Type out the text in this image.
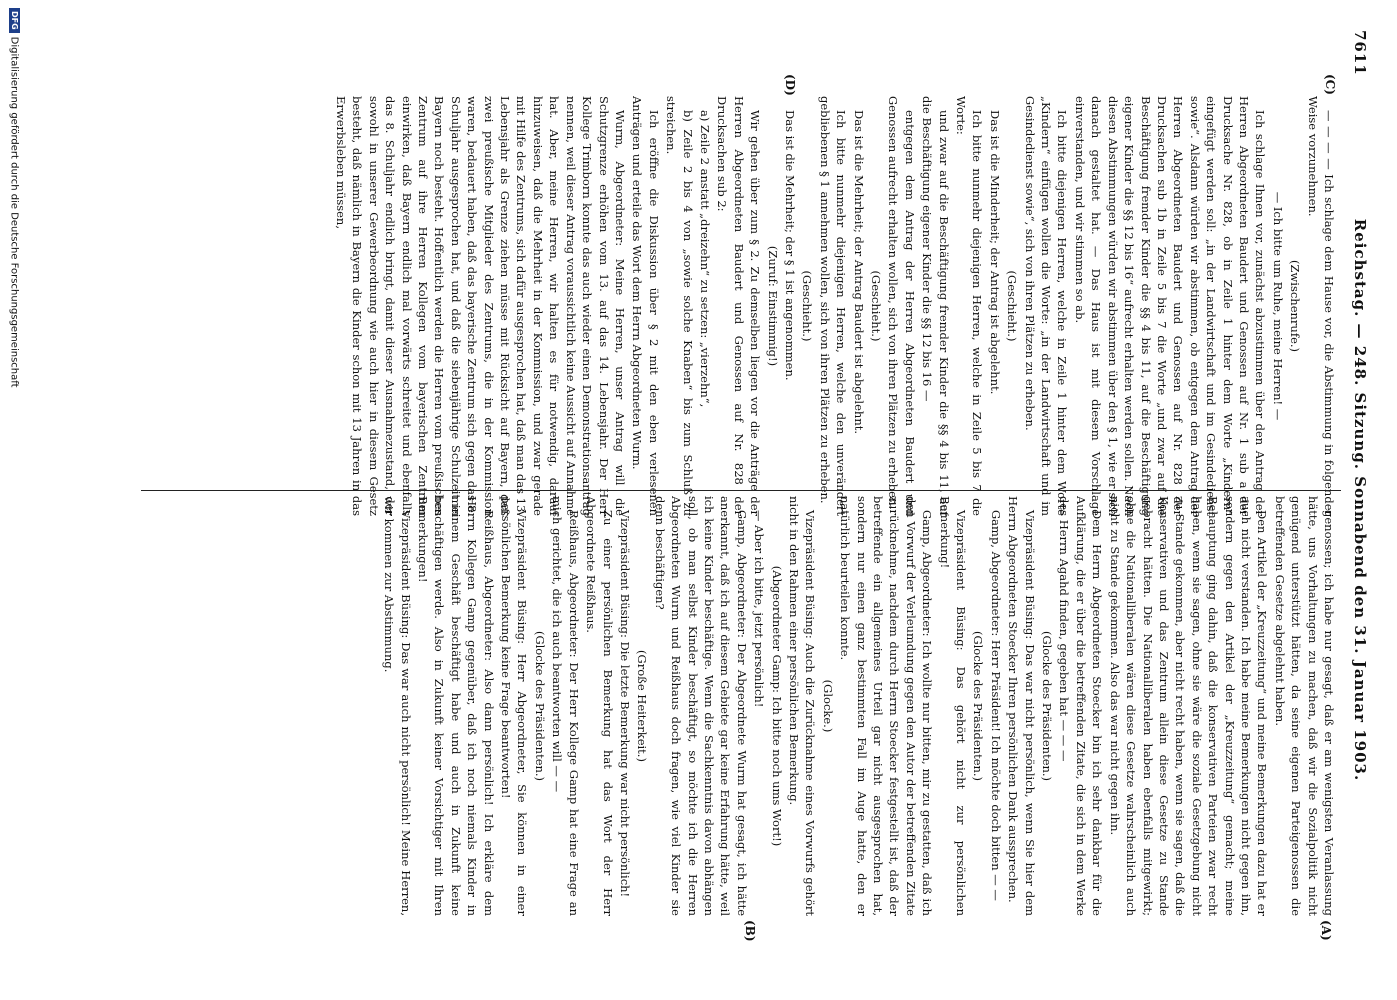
7611
Reichstag. — 248. Sitzung. Sonnabend den 31. Januar 1903.
(C)
(A)
(B)
(D)

— — — — Ich schlage dem Hause vor, die Abstimmung in folgender Weise vorzunehmen.

(Zwischenrufe.)

— Ich bitte um Ruhe, meine Herren! —

Ich schlage Ihnen vor, zunächst abzustimmen über den Antrag der Herren Abgeordneten Baudert und Genossen auf Nr. 1 sub a der Drucksache Nr. 828, ob in Zeile 1 hinter dem Worte „Kindern“ eingefügt werden soll: „in der Landwirtschaft und im Gesindedienst sowie“. Alsdann würden wir abstimmen, ob entgegen dem Antrag der Herren Abgeordneten Baudert und Genossen auf Nr. 828 der Drucksachen sub 1b in Zeile 5 bis 7 die Worte „und zwar auf die Beschäftigung fremder Kinder die §§ 4 bis 11, auf die Beschäftigung eigener Kinder die §§ 12 bis 16“ aufrecht erhalten werden sollen. Nach diesen Abstimmungen würden wir abstimmen über den § 1, wie er sich danach gestaltet hat. — Das Haus ist mit diesem Vorschlage einverstanden, und wir stimmen so ab.

Ich bitte diejenigen Herren, welche in Zeile 1 hinter dem Worte „Kindern“ einfügen wollen die Worte: „in der Landwirtschaft und im Gesindedienst sowie“, sich von ihren Plätzen zu erheben.

(Geschieht.)

Das ist die Minderheit; der Antrag ist abgelehnt.

Ich bitte nunmehr diejenigen Herren, welche in Zeile 5 bis 7 die Worte:

und zwar auf die Beschäftigung fremder Kinder die §§ 4 bis 11, auf die Beschäftigung eigener Kinder die §§ 12 bis 16 —

entgegen dem Antrag der Herren Abgeordneten Baudert und Genossen aufrecht erhalten wollen, sich von ihren Plätzen zu erheben.

(Geschieht.)

Das ist die Mehrheit; der Antrag Baudert ist abgelehnt.

Ich bitte nunmehr diejenigen Herren, welche den unverändert gebliebenen § 1 annehmen wollen, sich von ihren Plätzen zu erheben.

(Geschieht.)

Das ist die Mehrheit; der § 1 ist angenommen.

(Zuruf: Einstimmig!)

Wir gehen über zum § 2. Zu demselben liegen vor die Anträge der Herren Abgeordneten Baudert und Genossen auf Nr. 828 der Drucksachen sub 2:

a) Zeile 2 anstatt „dreizehn“ zu setzen: „vierzehn“,

b) Zeile 2 bis 4 von „sowie solche Knaben“ bis zum Schluß zu streichen.

Ich eröffne die Diskussion über § 2 mit den eben verlesenen Anträgen und erteile das Wort dem Herrn Abgeordneten Wurm.

Wurm, Abgeordneter: Meine Herren, unser Antrag will die Schutzgrenze erhöhen vom 13. auf das 14. Lebensjahr. Der Herr Kollege Trimborn konnte das auch wieder einen Demonstrationsantrag nennen, weil dieser Antrag voraussichtlich keine Aussicht auf Annahme hat. Aber, meine Herren, wir halten es für notwendig, darauf hinzuweisen, daß die Mehrheit in der Kommission, und zwar gerade mit Hilfe des Zentrums, sich dafür ausgesprochen hat, daß man das 13. Lebensjahr als Grenze ziehen müsse mit Rücksicht auf Bayern, daß zwei preußische Mitglieder des Zentrums, die in der Kommission waren, bedauert haben, daß das bayerische Zentrum sich gegen das 8. Schuljahr ausgesprochen hat, und daß die siebenjährige Schulzeit in Bayern noch besteht. Hoffentlich werden die Herren vom preußischen Zentrum auf ihre Herren Kollegen vom bayerischen Zentrum einwirken, daß Bayern endlich mal vorwärts schreitet und ebenfalls das 8. Schuljahr endlich bringt, damit dieser Ausnahmezustand, der sowohl in unserer Gewerbeordnung wie auch hier in diesem Gesetz besteht, daß nämlich in Bayern die Kinder schon mit 13 Jahren in das Erwerbsleben müssen,

genossen; ich habe nur gesagt, daß er am wenigsten Veranlassung hätte, uns Vorhaltungen zu machen, daß wir die Sozialpolitik nicht genügend unterstützt hätten, da seine eigenen Parteigenossen die betreffenden Gesetze abgelehnt haben.

Den Artikel der „Kreuzzeitung“ und meine Bemerkungen dazu hat er auch nicht verstanden. Ich habe meine Bemerkungen nicht gegen ihn, sondern gegen den Artikel der „Kreuzzeitung“ gemacht; meine Behauptung ging dahin, daß die konservativen Parteien zwar recht haben, wenn sie sagen, ohne sie wäre die soziale Gesetzgebung nicht zu Stande gekommen, aber nicht recht haben, wenn sie sagen, daß die Konservativen und das Zentrum allein diese Gesetze zu Stande gebracht hätten. Die Nationalliberalen haben ebenfalls mitgewirkt; ohne die Nationalliberalen wären diese Gesetze wahrscheinlich auch nicht zu Stande gekommen. Also das war nicht gegen ihn.

Dem Herrn Abgeordneten Stoecker bin ich sehr dankbar für die Aufklärung, die er über die betreffenden Zitate, die sich in dem Werke des Herrn Agahd finden, gegeben hat — — —

(Glocke des Präsidenten.)

Vizepräsident Büsing: Das war nicht persönlich, wenn Sie hier dem Herrn Abgeordneten Stoecker Ihren persönlichen Dank aussprechen.

Gamp, Abgeordneter: Herr Präsident! Ich möchte doch bitten — —

(Glocke des Präsidenten.)

Vizepräsident Büsing: Das gehört nicht zur persönlichen Bemerkung!

Gamp, Abgeordneter: Ich wollte nur bitten, mir zu gestatten, daß ich den Vorwurf der Verleumdung gegen den Autor der betreffenden Zitate zurücknehme, nachdem durch Herrn Stoecker festgestellt ist, daß der betreffende ein allgemeines Urteil gar nicht ausgesprochen hat, sondern nur einen ganz bestimmten Fall im Auge hatte, den er natürlich beurteilen konnte.

(Glocke.)

Vizepräsident Büsing: Auch die Zurücknahme eines Vorwurfs gehört nicht in den Rahmen einer persönlichen Bemerkung.

(Abgeordneter Gamp: Ich bitte noch ums Wort!)

— Aber ich bitte, jetzt persönlich!

Gamp, Abgeordneter: Der Abgeordnete Wurm hat gesagt, ich hätte anerkannt, daß ich auf diesem Gebiete gar keine Erfahrung hätte, weil ich keine Kinder beschäftige. Wenn die Sachkenntnis davon abhängen soll, ob man selbst Kinder beschäftigt, so möchte ich die Herren Abgeordneten Wurm und Reißhaus doch fragen, wie viel Kinder sie denn beschäftigen?

(Große Heiterkeit.)

Vizepräsident Büsing: Die letzte Bemerkung war nicht persönlich!

Zu einer persönlichen Bemerkung hat das Wort der Herr Abgeordnete Reißhaus.

Reißhaus, Abgeordneter: Der Herr Kollege Gamp hat eine Frage an mich gerichtet, die ich auch beantworten will — —

(Glocke des Präsidenten.)

Vizepräsident Büsing: Herr Abgeordneter, Sie können in einer persönlichen Bemerkung keine Frage beantworten!

Reißhaus, Abgeordneter: Also dann persönlich! Ich erkläre dem Herrn Kollegen Gamp gegenüber, daß ich noch niemals Kinder in meinem Geschäft beschäftigt habe und auch in Zukunft keine beschäftigen werde. Also in Zukunft keiner Vorsichtiger mit Ihren Bemerkungen!

Vizepräsident Büsing: Das war auch nicht persönlich! Meine Herren, wir kommen zur Abstimmung.

DFGDigitalisierung gefördert durch die Deutsche Forschungsgemeinschaft
